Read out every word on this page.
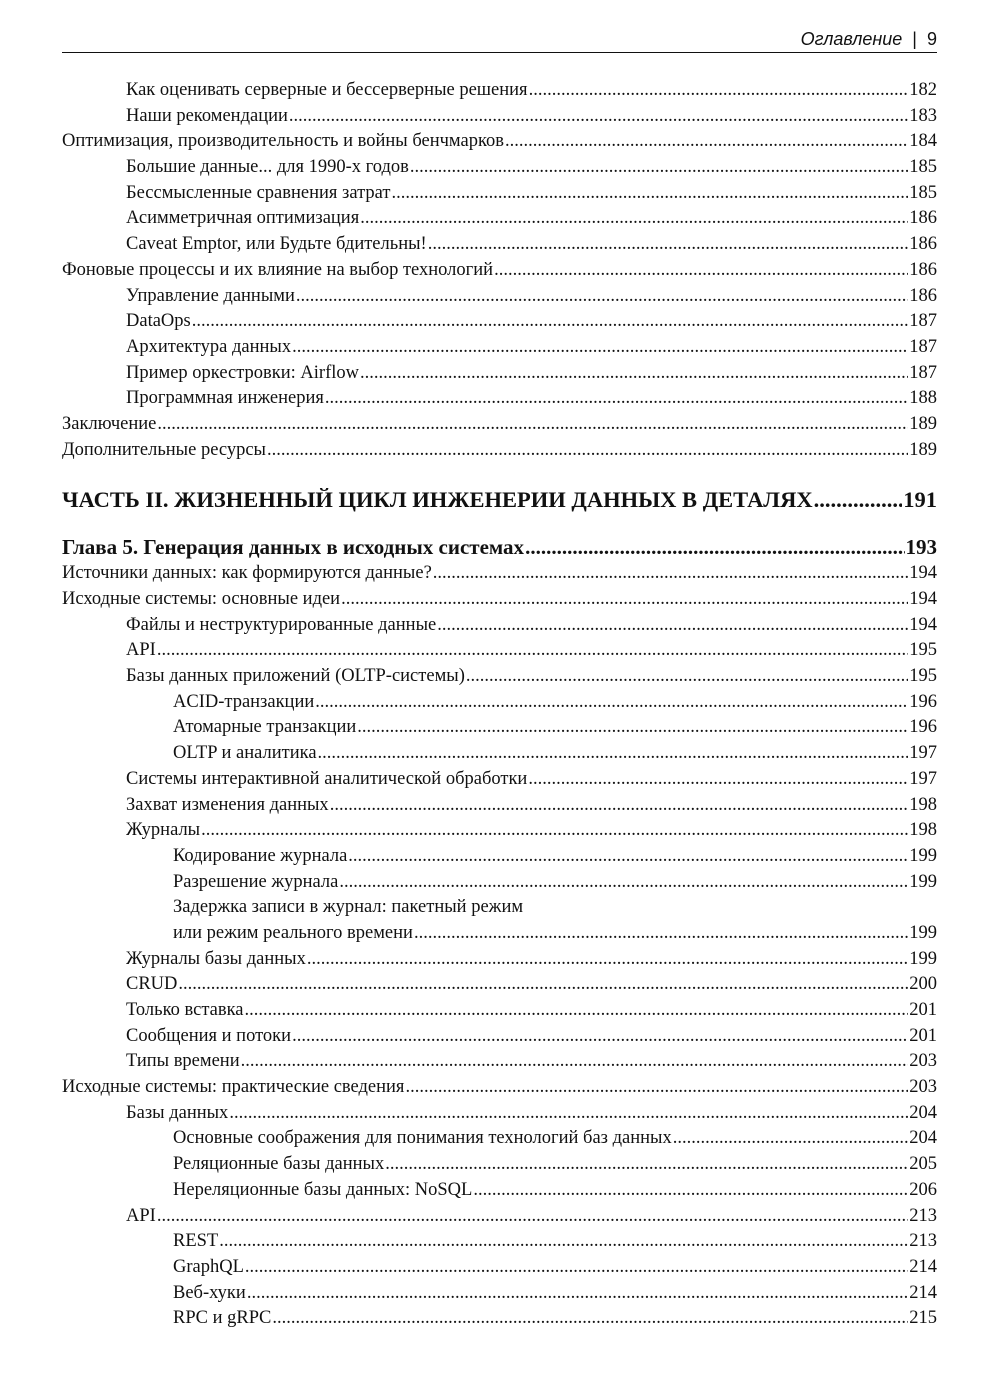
Оглавление | 9
Как оценивать серверные и бессерверные решения .....	182
Наши рекомендации .....	183
Оптимизация, производительность и войны бенчмарков .....	184
Большие данные... для 1990-х годов .....	185
Бессмысленные сравнения затрат .....	185
Асимметричная оптимизация .....	186
Caveat Emptor, или Будьте бдительны! .....	186
Фоновые процессы и их влияние на выбор технологий .....	186
Управление данными .....	186
DataOps .....	187
Архитектура данных .....	187
Пример оркестровки: Airflow .....	187
Программная инженерия .....	188
Заключение .....	189
Дополнительные ресурсы .....	189
ЧАСТЬ II. ЖИЗНЕННЫЙ ЦИКЛ ИНЖЕНЕРИИ ДАННЫХ В ДЕТАЛЯХ .....	191
Глава 5. Генерация данных в исходных системах .....	193
Источники данных: как формируются данные? .....	194
Исходные системы: основные идеи .....	194
Файлы и неструктурированные данные .....	194
API .....	195
Базы данных приложений (OLTP-системы) .....	195
ACID-транзакции .....	196
Атомарные транзакции .....	196
OLTP и аналитика .....	197
Системы интерактивной аналитической обработки .....	197
Захват изменения данных .....	198
Журналы .....	198
Кодирование журнала .....	199
Разрешение журнала .....	199
Задержка записи в журнал: пакетный режим
или режим реального времени .....	199
Журналы базы данных .....	199
CRUD .....	200
Только вставка .....	201
Сообщения и потоки .....	201
Типы времени .....	203
Исходные системы: практические сведения .....	203
Базы данных .....	204
Основные соображения для понимания технологий баз данных .....	204
Реляционные базы данных .....	205
Нереляционные базы данных: NoSQL .....	206
API .....	213
REST .....	213
GraphQL .....	214
Веб-хуки .....	214
RPC и gRPC .....	215
